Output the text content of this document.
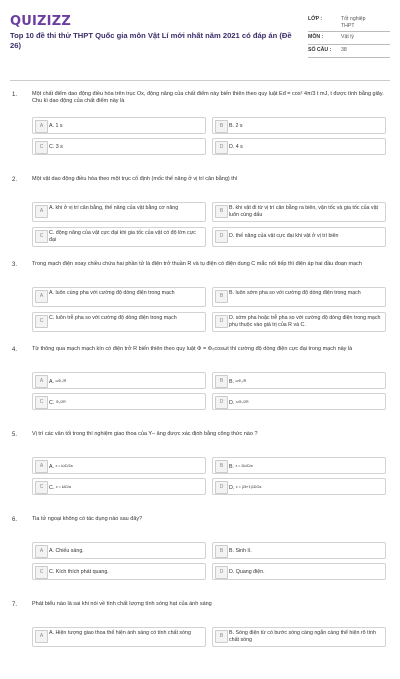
QUIZIZZ
Top 10 đề thi thử THPT Quốc gia môn Vật Lí mới nhất năm 2021 có đáp án (Đề 26)
LỚP :	Tốt nghiệp THPT
MÔN :	Vật lý
SỐ CÂU : 38
1.	Một chất điểm dao động điều hòa trên trục Ox, động năng của chất điểm này biến thiên theo quy luật Eđ = cos² 4π/3 t mJ, t được tính bằng giây. Chu kì dao động của chất điểm này là
A	A. 1 s	B	B. 2 s
C	C. 3 s	D	D. 4 s
2.	Một vật dao động điều hòa theo một trục cố định (mốc thế năng ở vị trí cân bằng) thì
A	A. khi ở vị trí cân bằng, thế năng của vật bằng cơ năng	B	B. khi vật đi từ vị trí cân bằng ra biên, vận tốc và gia tốc của vật luôn cùng dấu
C	C. động năng của vật cực đại khi gia tốc của vật có độ lớn cực đại
D	D. thế năng của vật cực đại khi vật ở vị trí biên
3.	Trong mạch điện xoay chiều chứa hai phần tử là điện trở thuần R và tụ điện có điện dung C mắc nối tiếp thì điện áp hai đầu đoạn mạch
A	A. luôn cùng pha với cường độ dòng điện trong mạch	B	B. luôn sớm pha so với cường độ dòng điện trong mạch
C	C. luôn trễ pha so với cường độ dòng điện trong mạch	D	D. sớm pha hoặc trễ pha so với cường độ dòng điện trong mạch phụ thuộc vào giá trị của R và C.
4.	Từ thông qua mạch mạch kín có điện trở R biến thiên theo quy luật Φ = Φ₀cosωt thì cường độ dòng điện cực đại trong mạch này là
A	A. ωΦ₀/R	B	B. ωΦ₀/R
C	C. Φ₀/2R	D	D. ωΦ₀/2R
5.	Vị trí các vân tối trong thí nghiệm giao thoa của Y– âng được xác định bằng công thức nào ?
A	A. x = kλD/2a	B	B. x = 2kλD/a
C	C. x = kλD/a	D	D. x = (2k+1)λD/2a
6.	Tia tử ngoại không có tác dụng nào sau đây?
A	A. Chiếu sáng.	B	B. Sinh lí.
C	C. Kích thích phát quang.	D	D. Quang điện.
7.	Phát biểu nào là sai khi nói về tính chất lượng tính sóng hạt của ánh sáng
A	A. Hiện tượng giao thoa thể hiện ánh sáng có tính chất sóng	B	B. Sóng điện từ có bước sóng càng ngắn càng thể hiện rõ tính chất sóng
